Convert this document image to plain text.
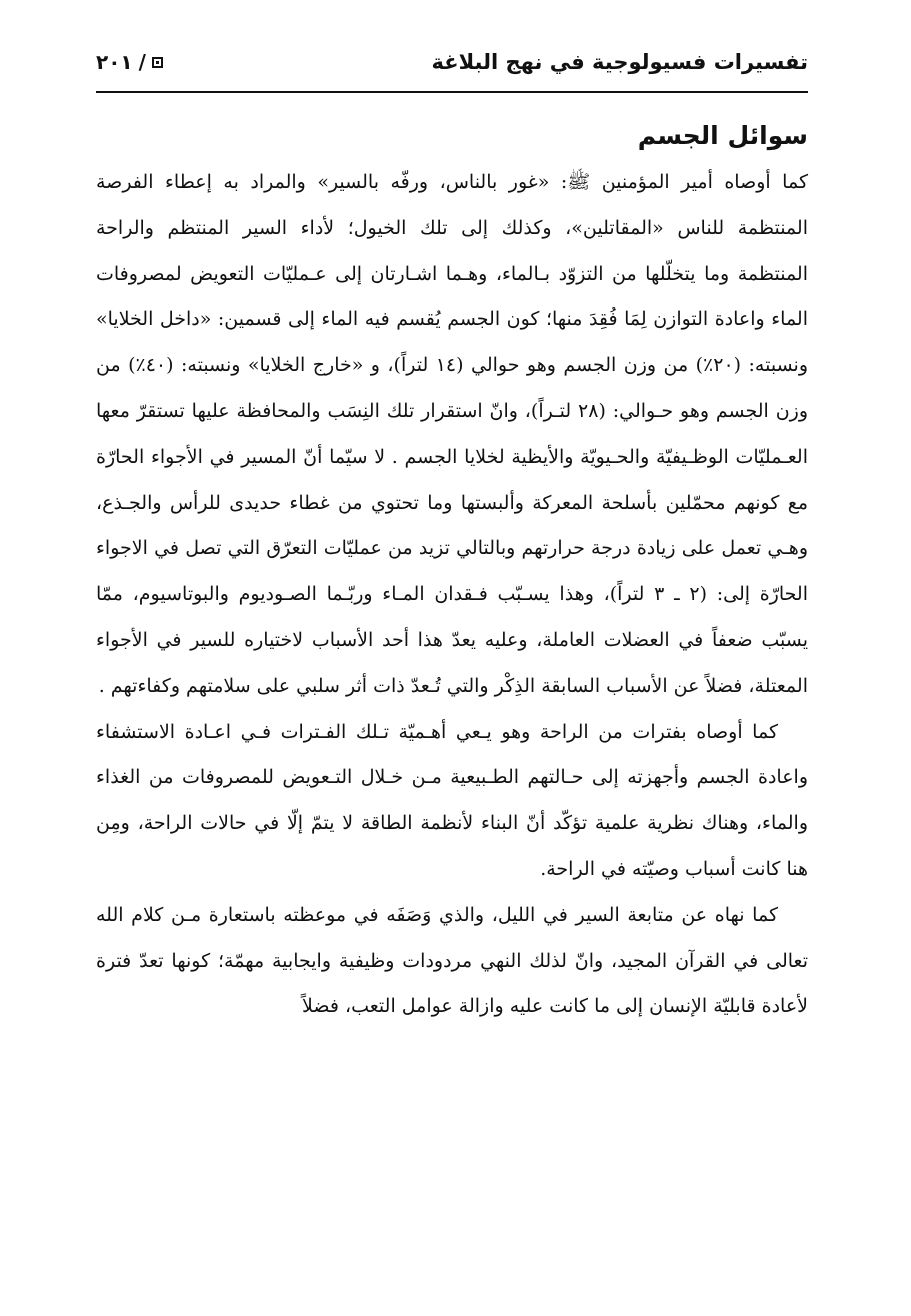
تفسيرات فسيولوجية في نهج البلاغة
٢٠١ /
سوائل الجسم

كما أوصاه أمير المؤمنين ﷺ: «غور بالناس، ورفّه بالسير» والمراد به إعطاء الفرصة المنتظمة للناس «المقاتلين»، وكذلك إلى تلك الخيول؛ لأداء السير المنتظم والراحة المنتظمة وما يتخلّلها من التزوّد بـالماء، وهـما اشـارتان إلى عـمليّات التعويض لمصروفات الماء واعادة التوازن لِمَا فُقِدَ منها؛ كون الجسم يُقسم فيه الماء إلى قسمين: «داخل الخلايا» ونسبته: (٢٠٪) من وزن الجسم وهو حوالي (١٤ لتراً)، و «خارج الخلايا» ونسبته: (٤٠٪) من وزن الجسم وهو حـوالي: (٢٨ لتـراً)، وانّ استقرار تلك النِسَب والمحافظة عليها تستقرّ معها العـمليّات الوظـيفيّة والحـيويّة والأيظية لخلايا الجسم . لا سيّما أنّ المسير في الأجواء الحارّة مع كونهم محمّلين بأسلحة المعركة وألبستها وما تحتوي من غطاء حديدى للرأس والجـذع، وهـي تعمل على زيادة درجة حرارتهم وبالتالي تزيد من عمليّات التعرّق التي تصل في الاجواء الحارّة إلى: (٢ ـ ٣ لتراً)، وهذا يسـبّب فـقدان المـاء وربّـما الصـوديوم والبوتاسيوم، ممّا يسبّب ضعفاً في العضلات العاملة، وعليه يعدّ هذا أحد الأسباب لاختياره للسير في الأجواء المعتلة، فضلاً عن الأسباب السابقة الذِكْر والتي تُـعدّ ذات أثر سلبي على سلامتهم وكفاءتهم .

كما أوصاه بفترات من الراحة وهو يـعي أهـميّة تـلك الفـترات فـي اعـادة الاستشفاء واعادة الجسم وأجهزته إلى حـالتهم الطـبيعية مـن خـلال التـعويض للمصروفات من الغذاء والماء، وهناك نظرية علمية تؤكّد أنّ البناء لأنظمة الطاقة لا يتمّ إلّا في حالات الراحة، ومِن هنا كانت أسباب وصيّته في الراحة.

كما نهاه عن متابعة السير في الليل، والذي وَصَفَه في موعظته باستعارة مـن كلام الله تعالى في القرآن المجيد، وانّ لذلك النهي مردودات وظيفية وايجابية مهمّة؛ كونها تعدّ فترة لأعادة قابليّة الإنسان إلى ما كانت عليه وازالة عوامل التعب، فضلاً
